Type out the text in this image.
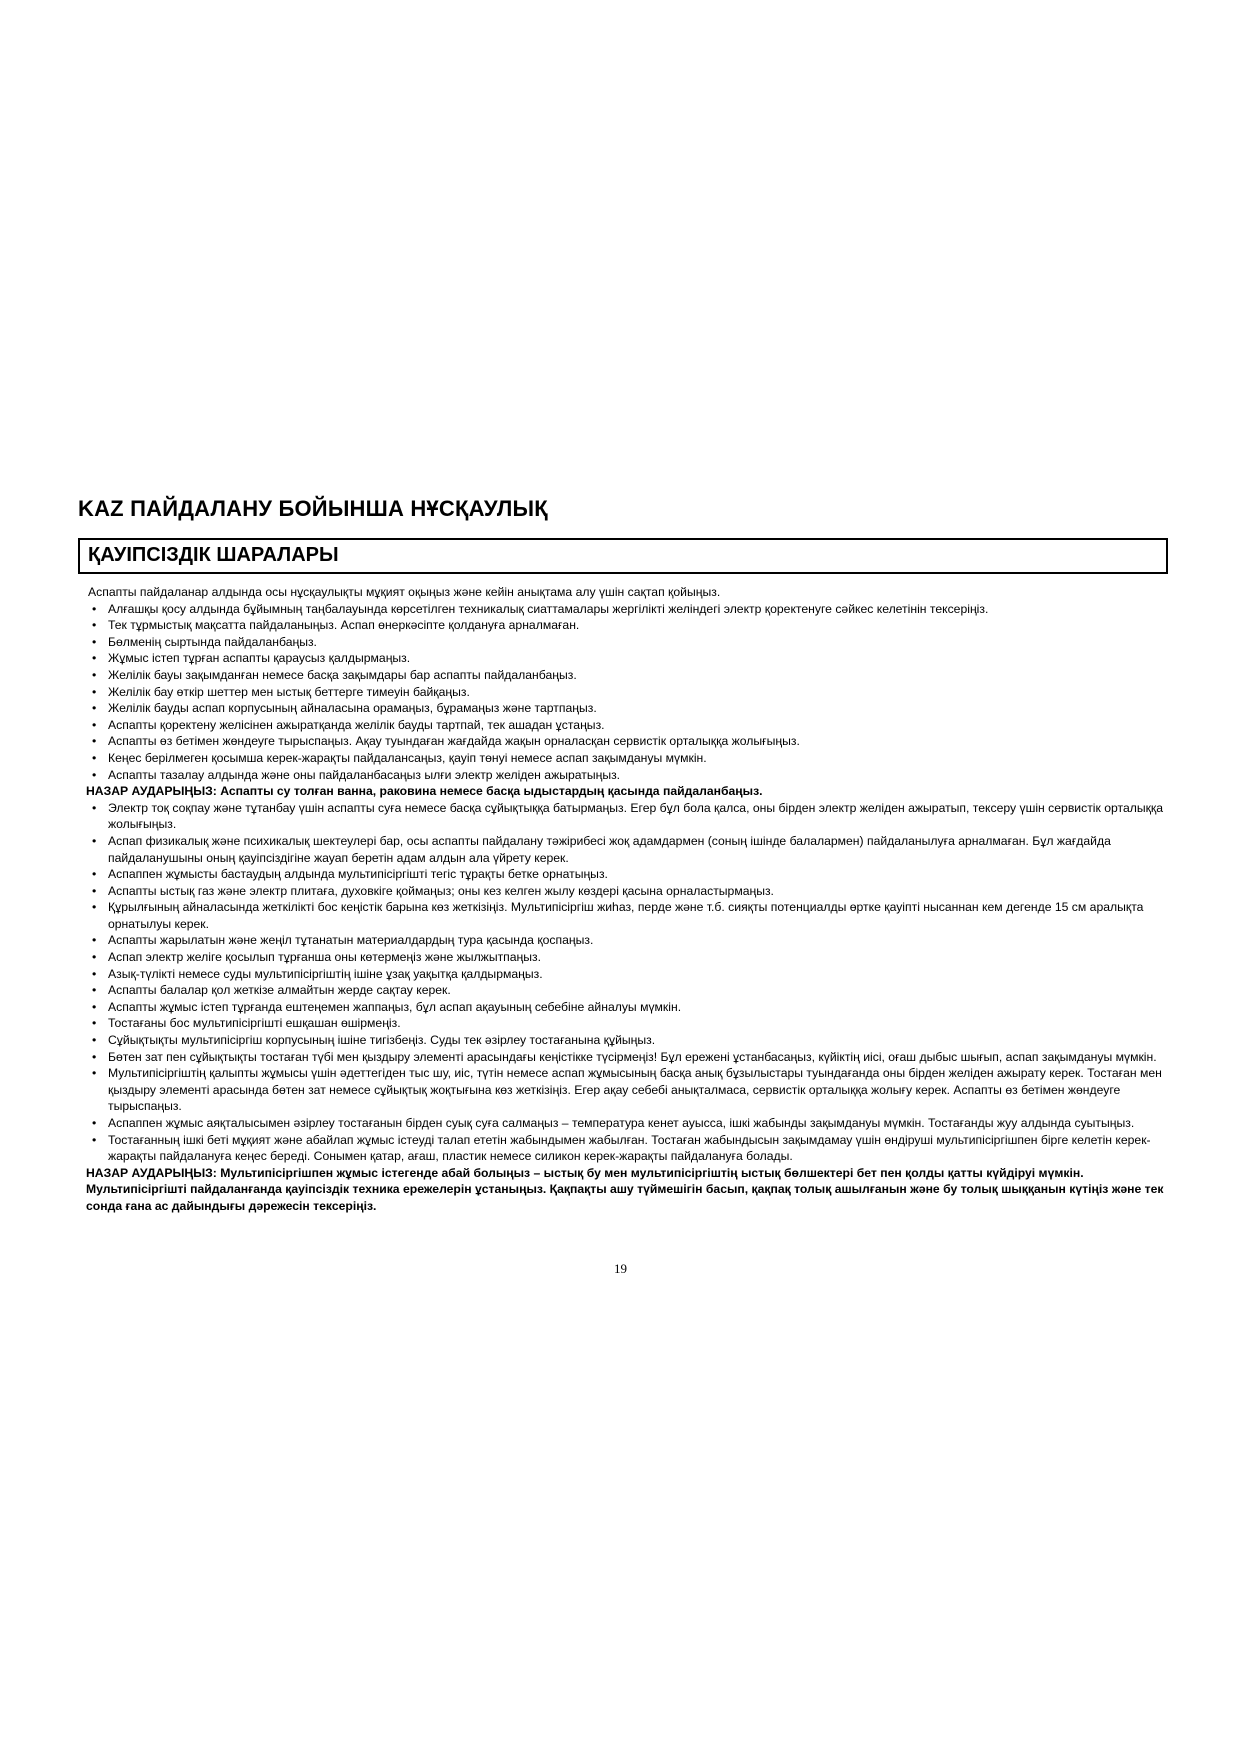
KAZ ПАЙДАЛАНУ БОЙЫНША НҰСҚАУЛЫҚ
ҚАУІПСІЗДІК ШАРАЛАРЫ
Аспапты пайдаланар алдында осы нұсқаулықты мұқият оқыңыз және кейін анықтама алу үшін сақтап қойыңыз.
• Алғашқы қосу алдында бұйымның таңбалауында көрсетілген техникалық сиаттамалары жергілікті желіндегі электр қоректенуге сәйкес келетінін тексеріңіз.
• Тек тұрмыстық мақсатта пайдаланыңыз. Аспап өнеркәсіпте қолдануға арналмаған.
• Бөлменің сыртында пайдаланбаңыз.
• Жұмыс істеп тұрған аспапты қараусыз қалдырмаңыз.
• Желілік бауы зақымданған немесе басқа зақымдары бар аспапты пайдаланбаңыз.
• Желілік бау өткір шеттер мен ыстық беттерге тимеуін байқаңыз.
• Желілік бауды аспап корпусының айналасына орамаңыз, бұрамаңыз және тартпаңыз.
• Аспапты қоректену желісінен ажыратқанда желілік бауды тартпай, тек ашадан ұстаңыз.
• Аспапты өз бетімен жөндеуге тырыспаңыз. Ақау туындаған жағдайда жақын орналасқан сервистік орталыққа жолығыңыз.
• Кеңес берілмеген қосымша керек-жарақты пайдалансаңыз, қауіп төнуі немесе аспап зақымдануы мүмкін.
• Аспапты тазалау алдында және оны пайдаланбасаңыз ылғи электр желіден ажыратыңыз.
НАЗАР АУДАРЫҢЫЗ: Аспапты су толған ванна, раковина немесе басқа ыдыстардың қасында пайдаланбаңыз.
• Электр тоқ соқпау және тұтанбау үшін аспапты суға немесе басқа сұйықтыққа батырмаңыз. Егер бұл бола қалса, оны бірден электр желіден ажыратып, тексеру үшін сервистік орталыққа жолығыңыз.
• Аспап физикалық және психикалық шектеулері бар, осы аспапты пайдалану тәжірибесі жоқ адамдармен (соның ішінде балалармен) пайдаланылуға арналмаған. Бұл жағдайда пайдаланушыны оның қауіпсіздігіне жауап беретін адам алдын ала үйрету керек.
• Аспаппен жұмысты бастаудың алдында мультипісіргішті тегіс тұрақты бетке орнатыңыз.
• Аспапты ыстық газ және электр плитаға, духовкіге қоймаңыз; оны кез келген жылу көздері қасына орналастырмаңыз.
• Құрылғының айналасында жеткілікті бос кеңістік барына көз жеткізіңіз. Мультипісіргіш жиһаз, перде және т.б. сияқты потенциалды өртке қауіпті нысаннан кем дегенде 15 см аралықта орнатылуы керек.
• Аспапты жарылатын және жеңіл тұтанатын материалдардың тура қасында қоспаңыз.
• Аспап электр желіге қосылып тұрғанша оны көтермеңіз және жылжытпаңыз.
• Азық-түлікті немесе суды мультипісіргіштің ішіне ұзақ уақытқа қалдырмаңыз.
• Аспапты балалар қол жеткізе алмайтын жерде сақтау керек.
• Аспапты жұмыс істеп тұрғанда ештеңемен жаппаңыз, бұл аспап ақауының себебіне айналуы мүмкін.
• Тостағаны бос мультипісіргішті ешқашан өшірмеңіз.
• Сұйықтықты мультипісіргіш корпусының ішіне тигізбеңіз. Суды тек әзірлеу тостағанына құйыңыз.
• Бөтен зат пен сұйықтықты тостаған түбі мен қыздыру элементі арасындағы кеңістікке түсірмеңіз! Бұл ережені ұстанбасаңыз, күйіктің иісі, оғаш дыбыс шығып, аспап зақымдануы мүмкін.
• Мультипісіргіштің қалыпты жұмысы үшін әдеттегіден тыс шу, иіс, түтін немесе аспап жұмысының басқа анық бұзылыстары туындағанда оны бірден желіден ажырату керек. Тостаған мен қыздыру элементі арасында бөтен зат немесе сұйықтық жоқтығына көз жеткізіңіз. Егер ақау себебі анықталмаса, сервистік орталыққа жолығу керек. Аспапты өз бетімен жөндеуге тырыспаңыз.
• Аспаппен жұмыс аяқталысымен әзірлеу тостағанын бірден суық суға салмаңыз – температура кенет ауысса, ішкі жабынды зақымдануы мүмкін. Тостағанды жуу алдында суытыңыз.
• Тостағанның ішкі беті мұқият және абайлап жұмыс істеуді талап ететін жабындымен жабылған. Тостаған жабындысын зақымдамау үшін өндіруші мультипісіргішпен бірге келетін керек-жарақты пайдалануға кеңес береді. Сонымен қатар, ағаш, пластик немесе силикон керек-жарақты пайдалануға болады.
НАЗАР АУДАРЫҢЫЗ: Мультипісіргішпен жұмыс істегенде абай болыңыз – ыстық бу мен мультипісіргіштің ыстық бөлшектері бет пен қолды қатты күйдіруі мүмкін. Мультипісіргішті пайдаланғанда қауіпсіздік техника ережелерін ұстаныңыз. Қақпақты ашу түймешігін басып, қақпақ толық ашылғанын және бу толық шыққанын күтіңіз және тек сонда ғана ас дайындығы дәрежесін тексеріңіз.
19
